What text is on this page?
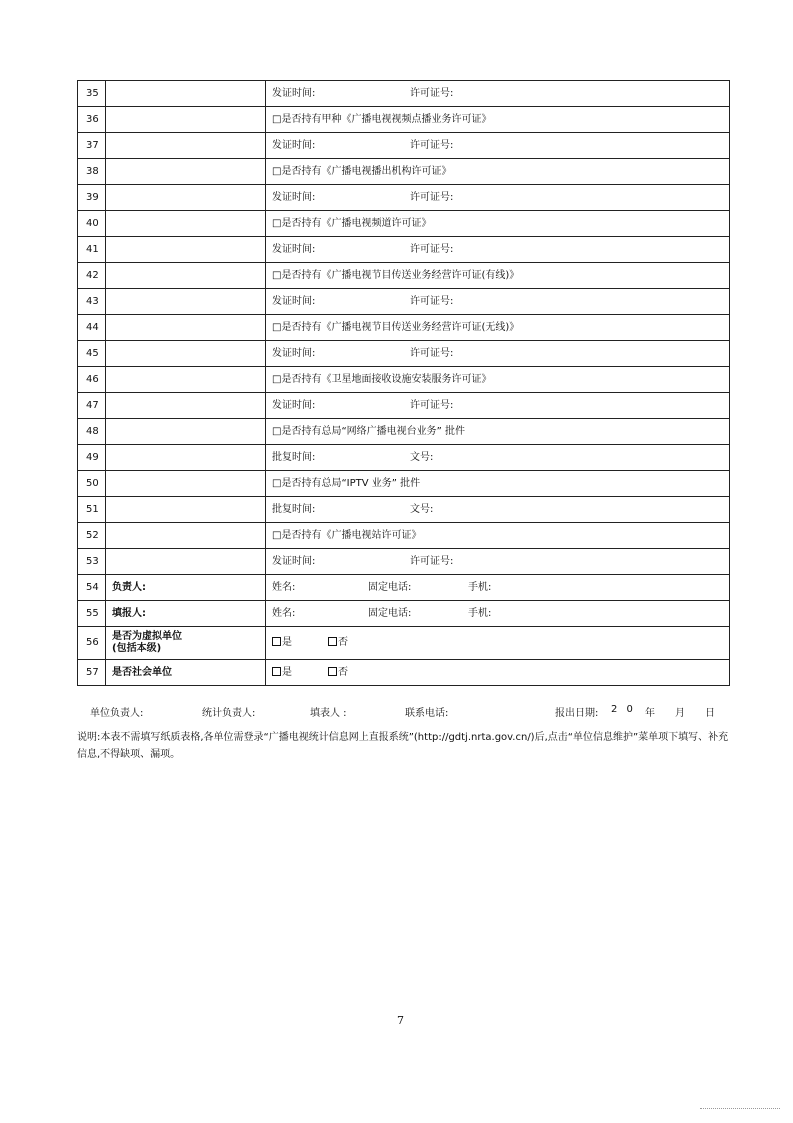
35		发证时间: 许可证号:
36		□是否持有甲种《广播电视视频点播业务许可证》
37		发证时间: 许可证号:
38		□是否持有《广播电视播出机构许可证》
39		发证时间: 许可证号:
40		□是否持有《广播电视频道许可证》
41		发证时间: 许可证号:
42		□是否持有《广播电视节目传送业务经营许可证(有线)》
43		发证时间: 许可证号:
44		□是否持有《广播电视节目传送业务经营许可证(无线)》
45		发证时间: 许可证号:
46		□是否持有《卫星地面接收设施安装服务许可证》
47		发证时间: 许可证号:
48		□是否持有总局“网络广播电视台业务” 批件
49		批复时间: 文号:
50		□是否持有总局“IPTV 业务” 批件
51		批复时间: 文号:
52		□是否持有《广播电视站许可证》
53		发证时间: 许可证号:
54	负责人:	姓名: 固定电话: 手机:
55	填报人:	姓名: 固定电话: 手机:
56	是否为虚拟单位
(包括本级)	是 否
57	是否社会单位	是 否
单位负责人:	统计负责人:	填表人 :	联系电话:	报出日期:	2 0 年	月	日
说明:本表不需填写纸质表格,各单位需登录“广播电视统计信息网上直报系统”(http://gdtj.nrta.gov.cn/)后,点击“单位信息维护”菜单项下填写、补充信息,不得缺项、漏项。
7
